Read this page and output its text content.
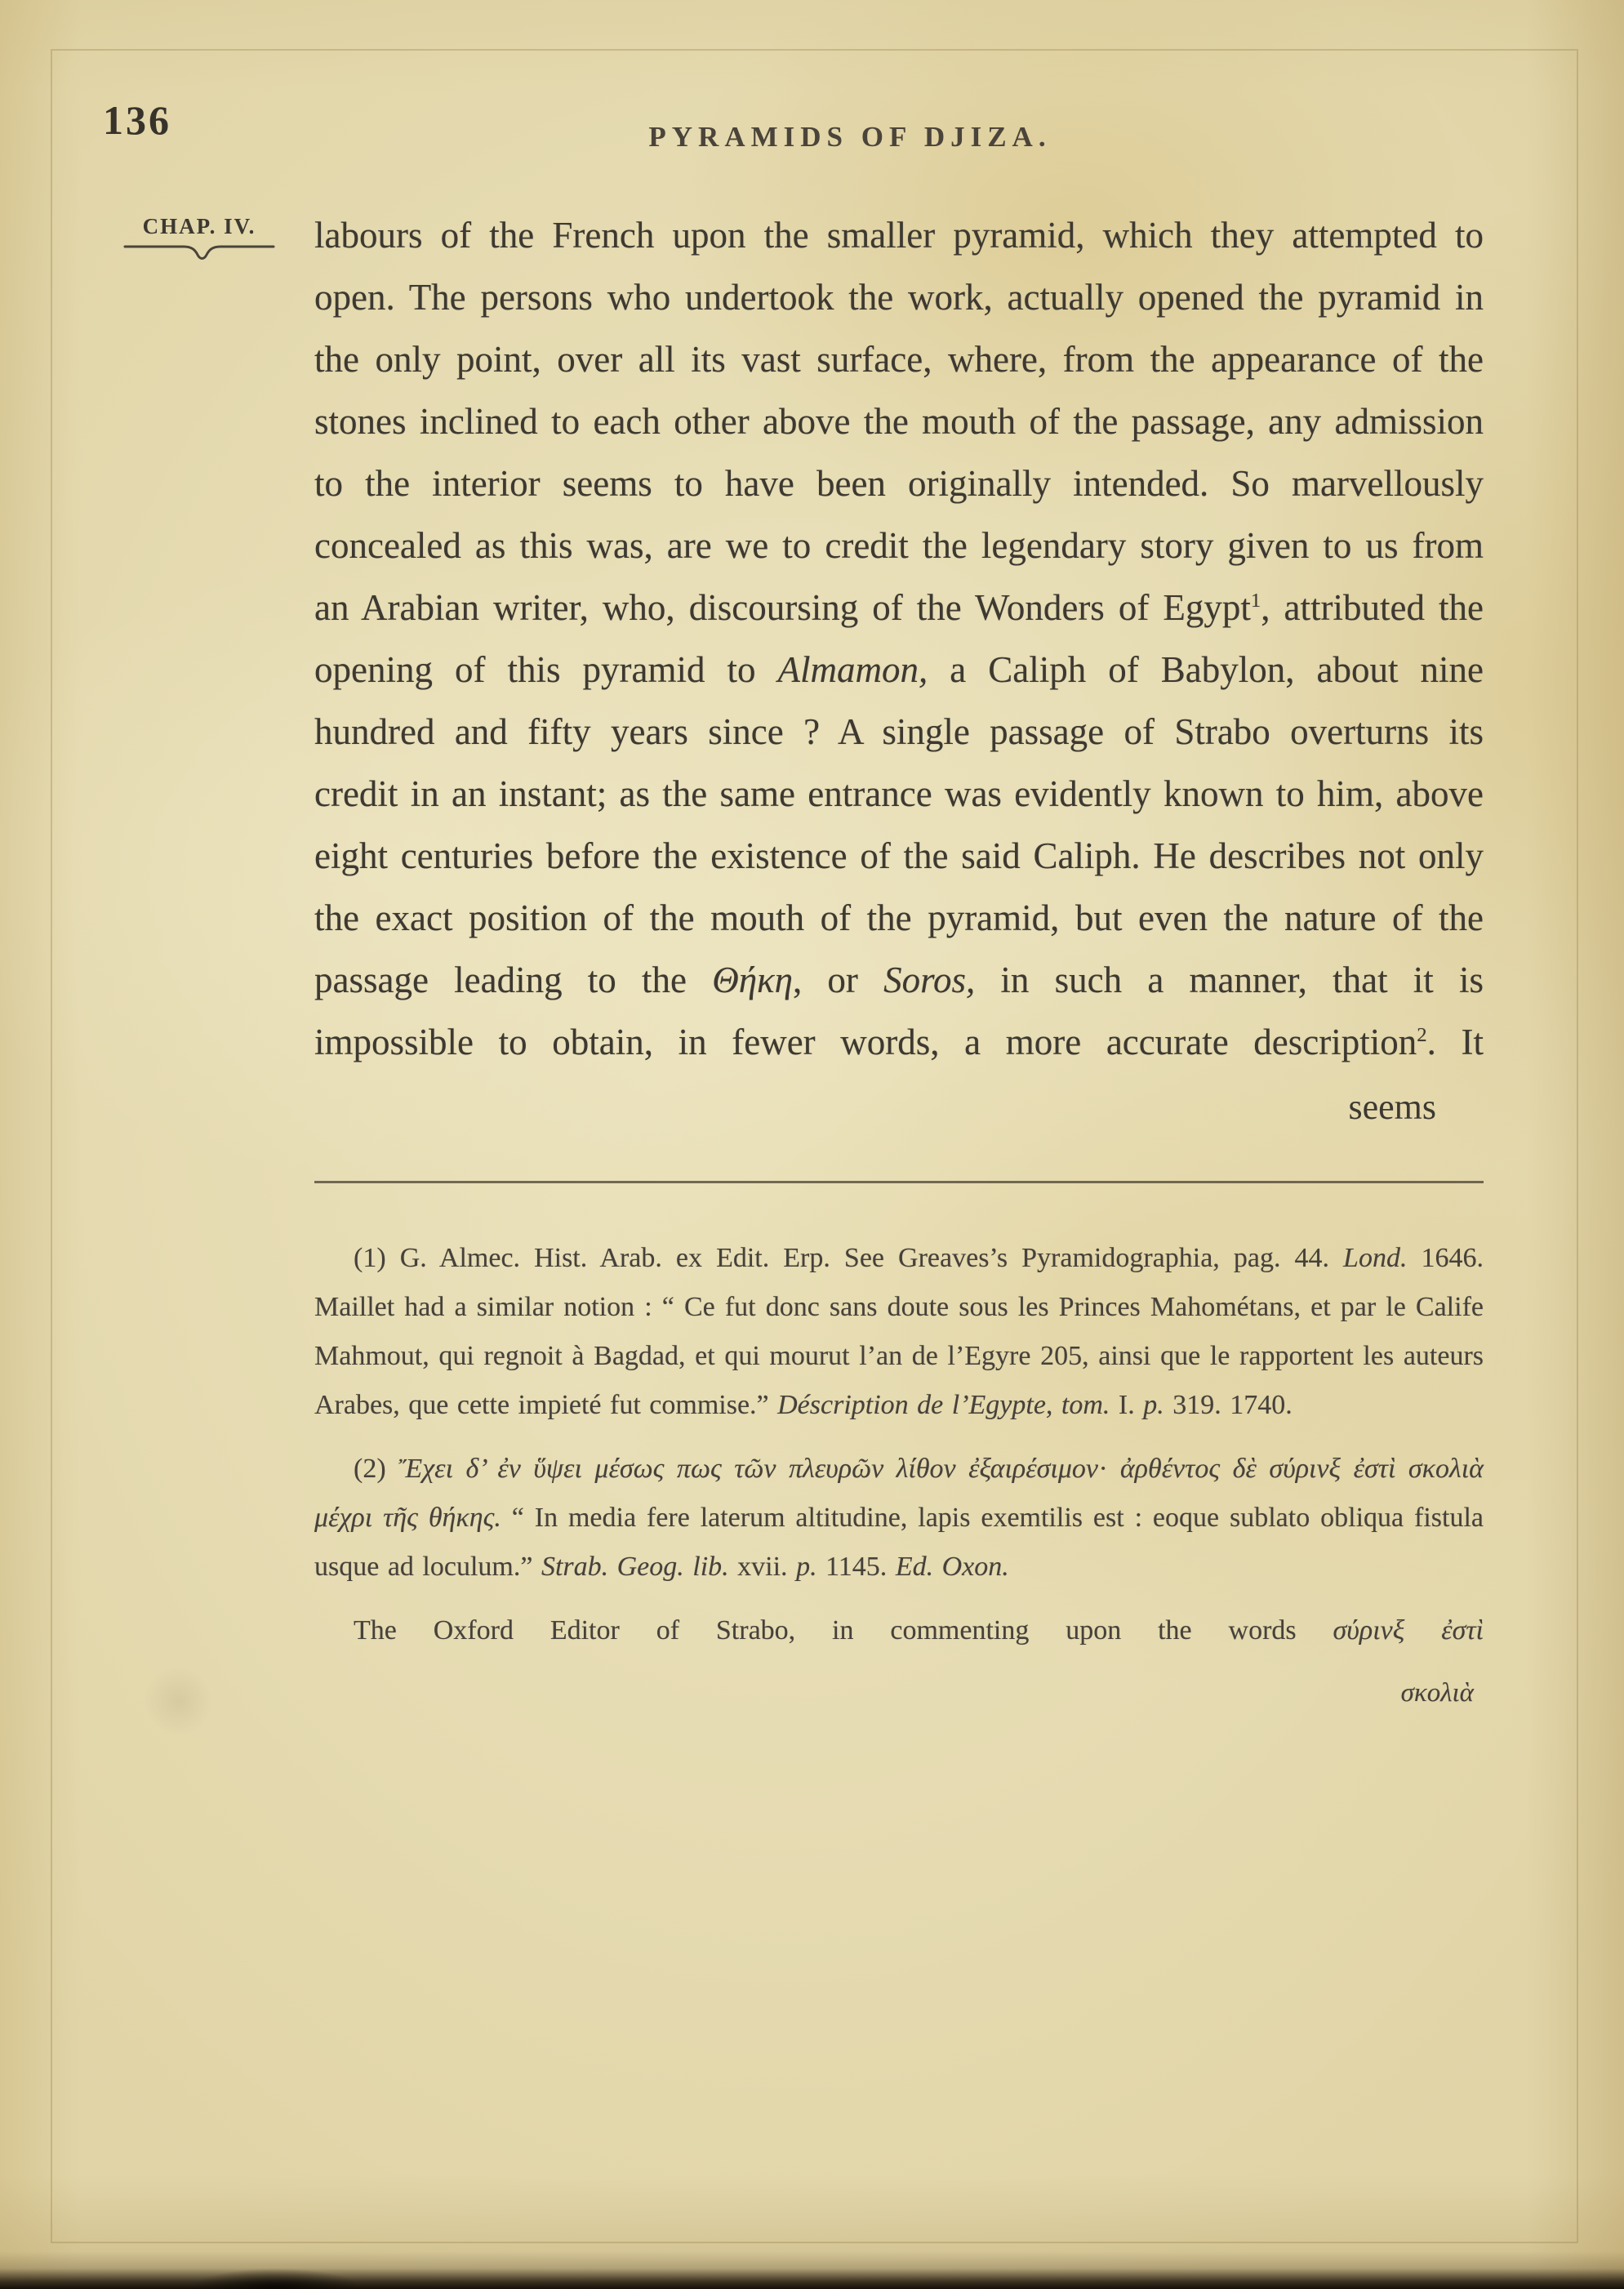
136	PYRAMIDS OF DJIZA.
CHAP. IV.	labours of the French upon the smaller pyramid, which they attempted to open. The persons who undertook the work, actually opened the pyramid in the only point, over all its vast surface, where, from the appearance of the stones inclined to each other above the mouth of the passage, any admission to the interior seems to have been originally intended. So marvellously concealed as this was, are we to credit the legendary story given to us from an Arabian writer, who, discoursing of the Wonders of Egypt$^1$, attributed the opening of this pyramid to Almamon, a Caliph of Babylon, about nine hundred and fifty years since ? A single passage of Strabo overturns its credit in an instant; as the same entrance was evidently known to him, above eight centuries before the existence of the said Caliph. He describes not only the exact position of the mouth of the pyramid, but even the nature of the passage leading to the Θήκη, or Soros, in such a manner, that it is impossible to obtain, in fewer words, a more accurate description$^2$. It
seems

(1) G. Almec. Hist. Arab. ex Edit. Erp. See Greaves’s Pyramidographia, pag. 44. Lond. 1646. Maillet had a similar notion : “ Ce fut donc sans doute sous les Princes Mahométans, et par le Calife Mahmout, qui regnoit à Bagdad, et qui mourut l’an de l’Egyre 205, ainsi que le rapportent les auteurs Arabes, que cette impieté fut commise.” Déscription de l’Egypte, tom. I. p. 319. 1740.

(2) Ἔχει δ’ ἐν ὕψει μέσως πως τῶν πλευρῶν λίθον ἐξαιρέσιμον· ἀρθέντος δὲ σύρινξ ἐστὶ σκολιὰ μέχρι τῆς θήκης. “ In media fere laterum altitudine, lapis exemtilis est : eoque sublato obliqua fistula usque ad loculum.” Strab. Geog. lib. xvii. p. 1145. Ed. Oxon.

The Oxford Editor of Strabo, in commenting upon the words σύρινξ ἐστὶ

σκολιὰ
